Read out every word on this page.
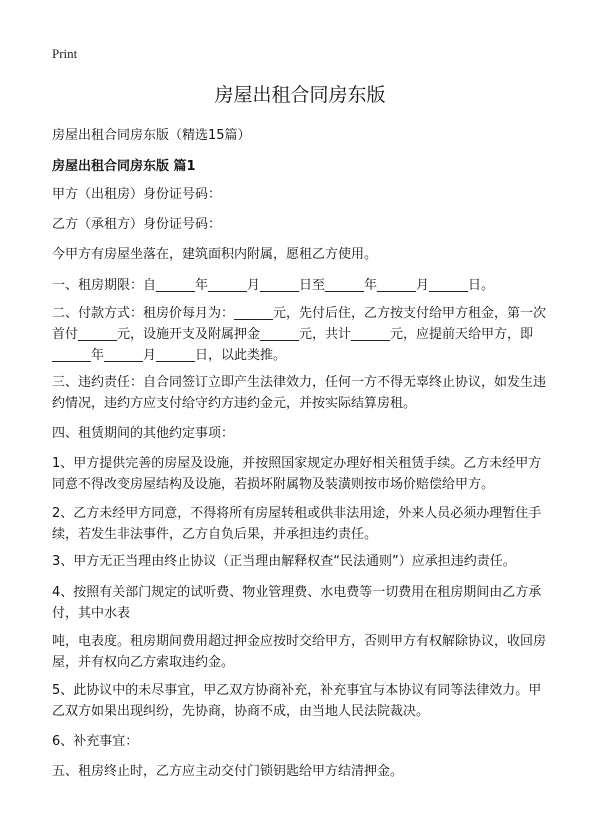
Print
房屋出租合同房东版
房屋出租合同房东版（精选15篇）
房屋出租合同房东版 篇1

甲方（出租房）身份证号码：

乙方（承租方）身份证号码：

今甲方有房屋坐落在，建筑面积内附属，愿租乙方使用。

一、租房期限：自______年______月______日至______年______月______日。

二、付款方式：租房价每月为：______元，先付后住，乙方按支付给甲方租金，第一次首付______元，设施开支及附属押金______元，共计______元，应提前天给甲方，即______年______月______日，以此类推。

三、违约责任：自合同签订立即产生法律效力，任何一方不得无辜终止协议，如发生违约情况，违约方应支付给守约方违约金元，并按实际结算房租。

四、租赁期间的其他约定事项：

1、甲方提供完善的房屋及设施，并按照国家规定办理好相关租赁手续。乙方未经甲方同意不得改变房屋结构及设施，若损坏附属物及装潢则按市场价赔偿给甲方。

2、乙方未经甲方同意，不得将所有房屋转租或供非法用途，外来人员必须办理暂住手续，若发生非法事件，乙方自负后果，并承担违约责任。

3、甲方无正当理由终止协议（正当理由解释权查“民法通则”）应承担违约责任。

4、按照有关部门规定的试听费、物业管理费、水电费等一切费用在租房期间由乙方承付，其中水表

吨，电表度。租房期间费用超过押金应按时交给甲方，否则甲方有权解除协议，收回房屋，并有权向乙方索取违约金。

5、此协议中的未尽事宜，甲乙双方协商补充，补充事宜与本协议有同等法律效力。甲乙双方如果出现纠纷，先协商，协商不成，由当地人民法院裁决。

6、补充事宜：

五、租房终止时，乙方应主动交付门锁钥匙给甲方结清押金。
